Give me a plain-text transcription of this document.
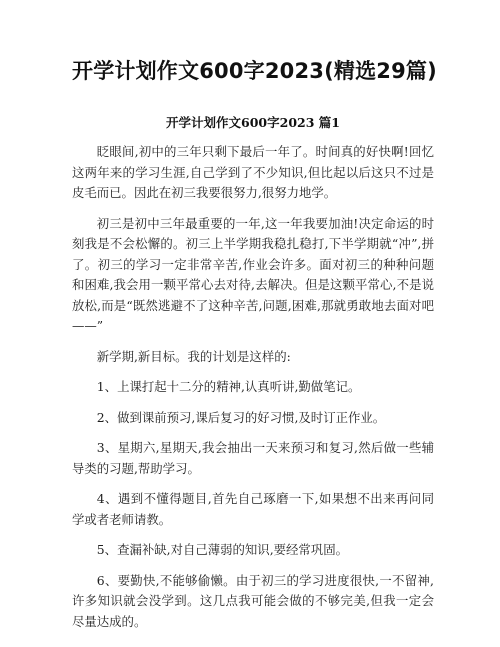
开学计划作文600字2023(精选29篇)
开学计划作文600字2023 篇1

眨眼间,初中的三年只剩下最后一年了。时间真的好快啊!回忆这两年来的学习生涯,自己学到了不少知识,但比起以后这只不过是皮毛而已。因此在初三我要很努力,很努力地学。

初三是初中三年最重要的一年,这一年我要加油!决定命运的时刻我是不会松懈的。初三上半学期我稳扎稳打,下半学期就“冲”,拼了。初三的学习一定非常辛苦,作业会许多。面对初三的种种问题和困难,我会用一颗平常心去对待,去解决。但是这颗平常心,不是说放松,而是“既然逃避不了这种辛苦,问题,困难,那就勇敢地去面对吧——”

新学期,新目标。我的计划是这样的:

1、上课打起十二分的精神,认真听讲,勤做笔记。

2、做到课前预习,课后复习的好习惯,及时订正作业。

3、星期六,星期天,我会抽出一天来预习和复习,然后做一些辅导类的习题,帮助学习。

4、遇到不懂得题目,首先自己琢磨一下,如果想不出来再问同学或者老师请教。

5、查漏补缺,对自己薄弱的知识,要经常巩固。

6、要勤快,不能够偷懒。由于初三的学习进度很快,一不留神,许多知识就会没学到。这几点我可能会做的不够完美,但我一定会尽量达成的。
